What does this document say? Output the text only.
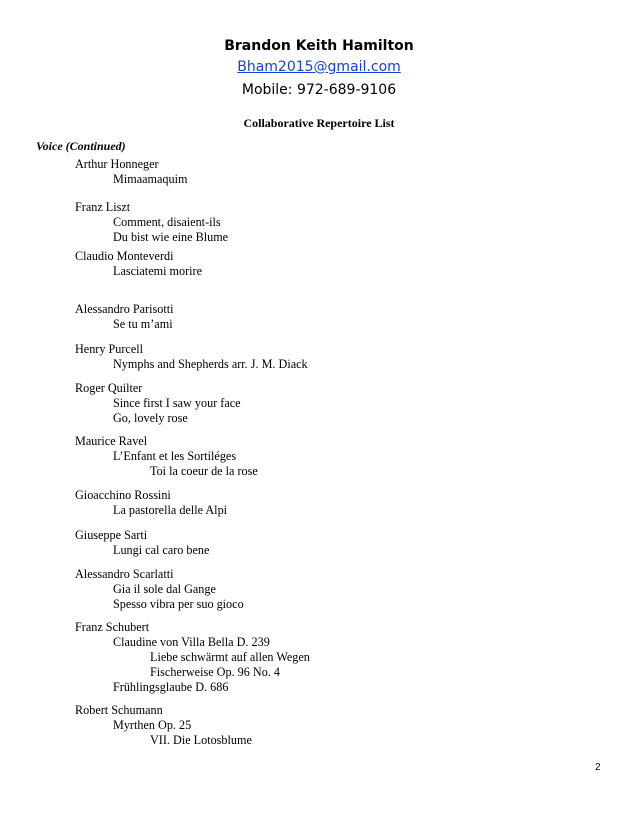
Brandon Keith Hamilton
Bham2015@gmail.com
Mobile: 972-689-9106
Collaborative Repertoire List
Voice (Continued)
Arthur Honneger
Mimaamaquim
Franz Liszt
Comment, disaient-ils
Du bist wie eine Blume
Claudio Monteverdi
Lasciatemi morire
Alessandro Parisotti
Se tu m’ami
Henry Purcell
Nymphs and Shepherds arr. J. M. Diack
Roger Quilter
Since first I saw your face
Go, lovely rose
Maurice Ravel
L’Enfant et les Sortiléges
Toi la coeur de la rose
Gioacchino Rossini
La pastorella delle Alpi
Giuseppe Sarti
Lungi cal caro bene
Alessandro Scarlatti
Gia il sole dal Gange
Spesso vibra per suo gioco
Franz Schubert
Claudine von Villa Bella D. 239
Liebe schwärmt auf allen Wegen
Fischerweise Op. 96 No. 4
Frühlingsglaube D. 686
Robert Schumann
Myrthen Op. 25
VII. Die Lotosblume
2
